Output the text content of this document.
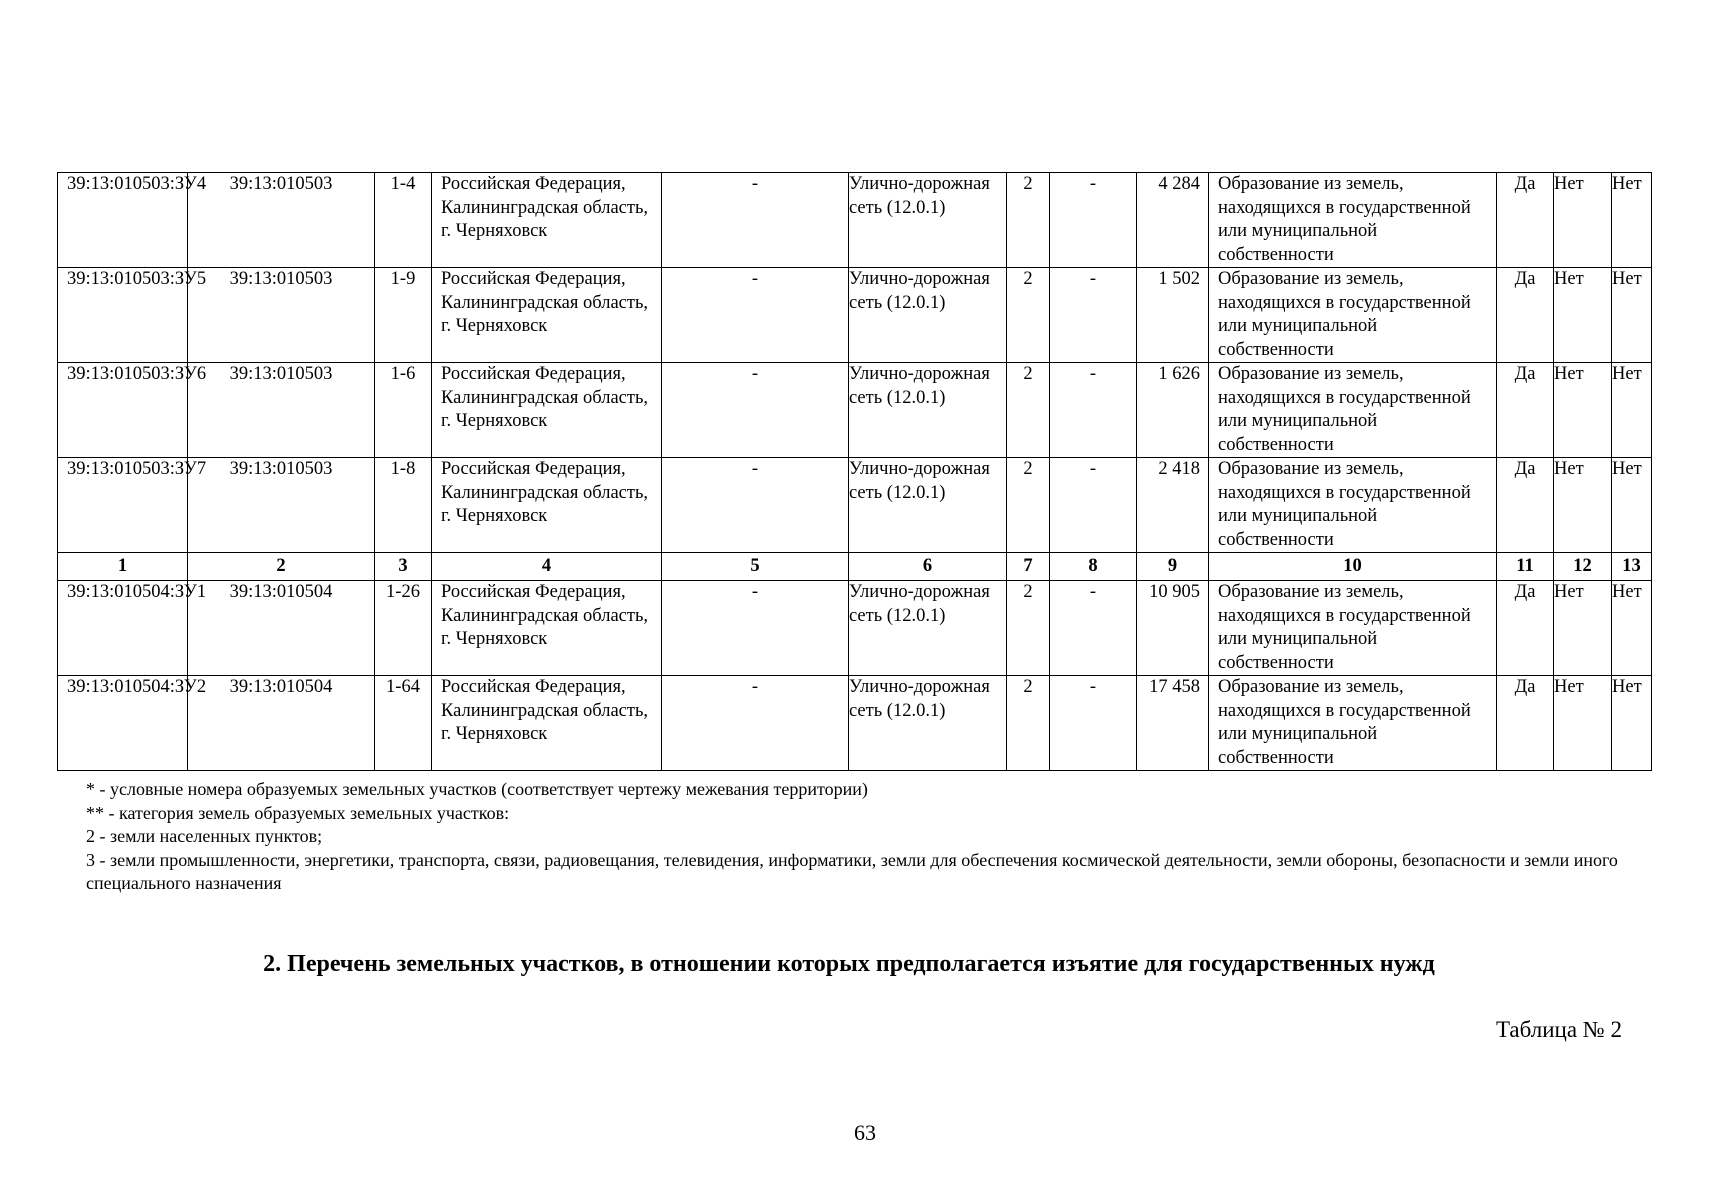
39:13:010503:ЗУ4	39:13:010503	1-4	Российская Федерация, Калининградская область, г. Черняховск	-	Улично-дорожная сеть (12.0.1)	2	-	4 284	Образование из земель, находящихся в государственной или муниципальной собственности	Да	Нет	Нет
39:13:010503:ЗУ5	39:13:010503	1-9	Российская Федерация, Калининградская область, г. Черняховск	-	Улично-дорожная сеть (12.0.1)	2	-	1 502	Образование из земель, находящихся в государственной или муниципальной собственности	Да	Нет	Нет
39:13:010503:ЗУ6	39:13:010503	1-6	Российская Федерация, Калининградская область, г. Черняховск	-	Улично-дорожная сеть (12.0.1)	2	-	1 626	Образование из земель, находящихся в государственной или муниципальной собственности	Да	Нет	Нет
39:13:010503:ЗУ7	39:13:010503	1-8	Российская Федерация, Калининградская область, г. Черняховск	-	Улично-дорожная сеть (12.0.1)	2	-	2 418	Образование из земель, находящихся в государственной или муниципальной собственности	Да	Нет	Нет
1	2	3	4	5	6	7	8	9	10	11	12	13
39:13:010504:ЗУ1	39:13:010504	1-26	Российская Федерация, Калининградская область, г. Черняховск	-	Улично-дорожная сеть (12.0.1)	2	-	10 905	Образование из земель, находящихся в государственной или муниципальной собственности	Да	Нет	Нет
39:13:010504:ЗУ2	39:13:010504	1-64	Российская Федерация, Калининградская область, г. Черняховск	-	Улично-дорожная сеть (12.0.1)	2	-	17 458	Образование из земель, находящихся в государственной или муниципальной собственности	Да	Нет	Нет
* - условные номера образуемых земельных участков (соответствует чертежу межевания территории)
** - категория земель образуемых земельных участков:
2 - земли населенных пунктов;
3 - земли промышленности, энергетики, транспорта, связи, радиовещания, телевидения, информатики, земли для обеспечения космической деятельности, земли обороны, безопасности и земли иного специального назначения
2. Перечень земельных участков, в отношении которых предполагается изъятие для государственных нужд
Таблица № 2
63
